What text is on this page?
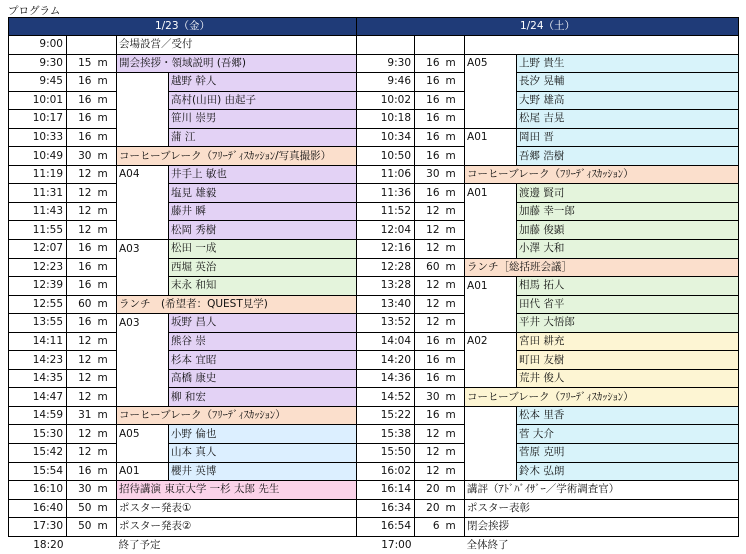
プログラム
1/23（金）					1/24（土）				
9:00			会場設営／受付						
9:30	15	m	開会挨拶・領域説明 (吾郷)		9:30	16	m	A05	上野 貴生
9:45	16	m		越野 幹人	9:46	16	m		長汐 晃輔
10:01	16	m		高村(山田) 由起子	10:02	16	m		大野 雄高
10:17	16	m		笹川 崇男	10:18	16	m		松尾 吉晃
10:33	16	m		蒲 江	10:34	16	m	A01	岡田 晋
10:49	30	m	コーヒーブレーク（ﾌﾘｰﾃﾞｨｽｶｯｼｮﾝ/写真撮影）		10:50	16	m		吾郷 浩樹
11:19	12	m	A04	井手上 敏也	11:06	30	m	コーヒーブレーク（ﾌﾘｰﾃﾞｨｽｶｯｼｮﾝ）	
11:31	12	m		塩見 雄毅	11:36	16	m	A01	渡邊 賢司
11:43	12	m		藤井 瞬	11:52	12	m		加藤 幸一郎
11:55	12	m		松岡 秀樹	12:04	12	m		加藤 俊顕
12:07	16	m	A03	松田 一成	12:16	12	m		小澤 大和
12:23	16	m		西堀 英治	12:28	60	m	ランチ［総括班会議］	
12:39	16	m		末永 和知	13:28	12	m	A01	相馬 拓人
12:55	60	m	ランチ　(希望者：QUEST見学)		13:40	12	m		田代 省平
13:55	16	m	A03	坂野 昌人	13:52	12	m		平井 大悟郎
14:11	12	m		熊谷 崇	14:04	16	m	A02	宮田 耕充
14:23	12	m		杉本 宜昭	14:20	16	m		町田 友樹
14:35	12	m		高橋 康史	14:36	16	m		荒井 俊人
14:47	12	m		柳 和宏	14:52	30	m	コーヒーブレーク（ﾌﾘｰﾃﾞｨｽｶｯｼｮﾝ）	
14:59	31	m	コーヒーブレーク（ﾌﾘｰﾃﾞｨｽｶｯｼｮﾝ）		15:22	16	m		松本 里香
15:30	12	m	A05	小野 倫也	15:38	12	m		菅 大介
15:42	12	m		山本 真人	15:50	12	m		菅原 克明
15:54	16	m	A01	櫻井 英博	16:02	12	m		鈴木 弘朗
16:10	30	m	招待講演 東京大学 一杉 太郎 先生		16:14	20	m	講評（ｱﾄﾞﾊﾞｲｻﾞｰ／学術調査官）	
16:40	50	m	ポスター発表①		16:34	20	m	ポスター表彰	
17:30	50	m	ポスター発表②		16:54	6	m	閉会挨拶	
18:20			終了予定		17:00			全体終了	
